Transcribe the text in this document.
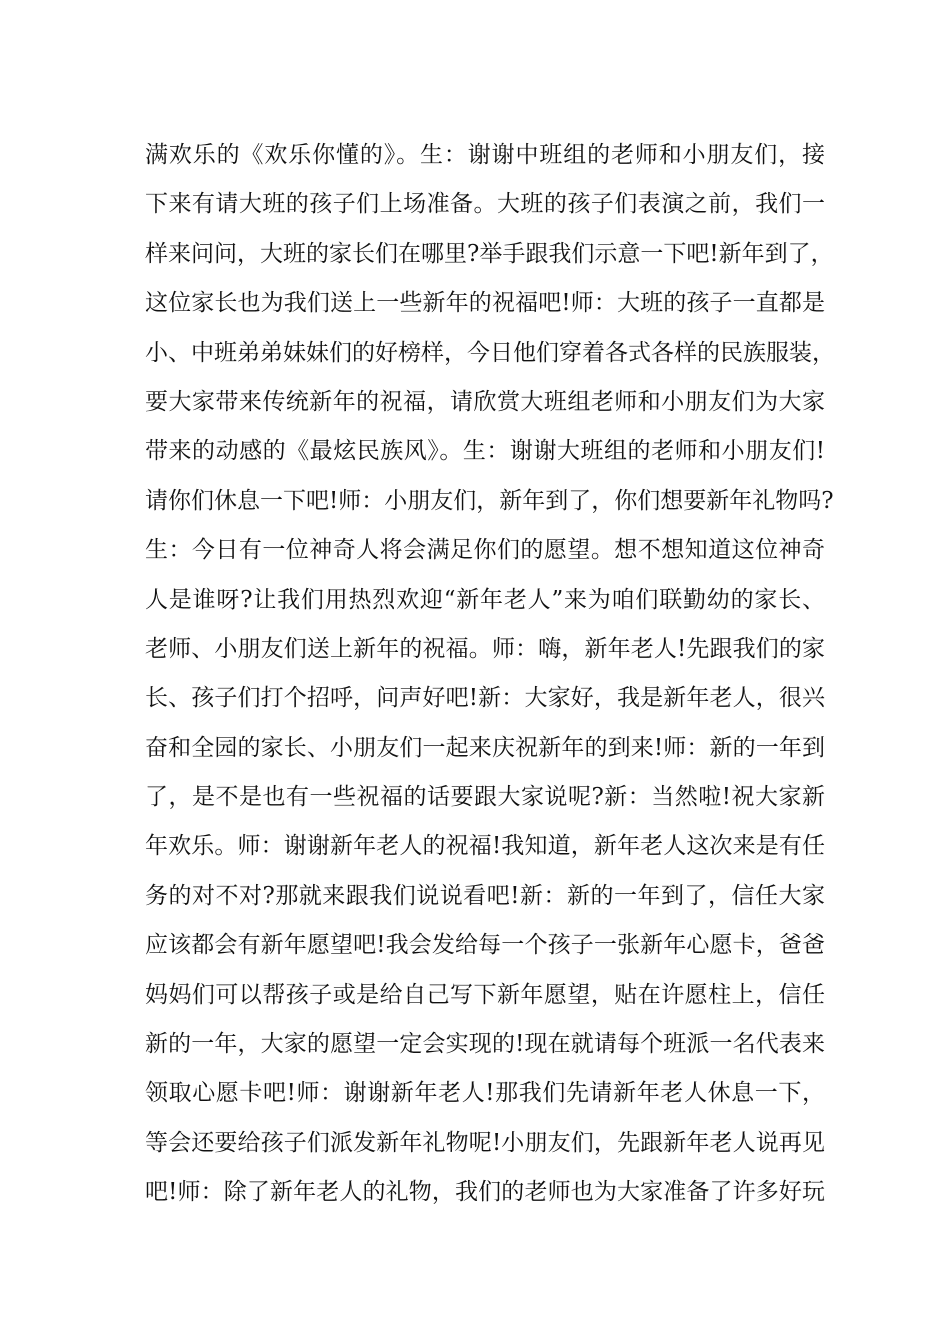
满欢乐的《欢乐你懂的》。生：谢谢中班组的老师和小朋友们，接
下来有请大班的孩子们上场准备。大班的孩子们表演之前，我们一
样来问问，大班的家长们在哪里?举手跟我们示意一下吧!新年到了，
这位家长也为我们送上一些新年的祝福吧!师：大班的孩子一直都是
小、中班弟弟妹妹们的好榜样，今日他们穿着各式各样的民族服装，
要大家带来传统新年的祝福，请欣赏大班组老师和小朋友们为大家
带来的动感的《最炫民族风》。生：谢谢大班组的老师和小朋友们!
请你们休息一下吧!师：小朋友们，新年到了，你们想要新年礼物吗?
生：今日有一位神奇人将会满足你们的愿望。想不想知道这位神奇
人是谁呀?让我们用热烈欢迎“新年老人”来为咱们联勤幼的家长、
老师、小朋友们送上新年的祝福。师：嗨，新年老人!先跟我们的家
长、孩子们打个招呼，问声好吧!新：大家好，我是新年老人，很兴
奋和全园的家长、小朋友们一起来庆祝新年的到来!师：新的一年到
了，是不是也有一些祝福的话要跟大家说呢?新：当然啦!祝大家新
年欢乐。师：谢谢新年老人的祝福!我知道，新年老人这次来是有任
务的对不对?那就来跟我们说说看吧!新：新的一年到了，信任大家
应该都会有新年愿望吧!我会发给每一个孩子一张新年心愿卡，爸爸
妈妈们可以帮孩子或是给自己写下新年愿望，贴在许愿柱上，信任
新的一年，大家的愿望一定会实现的!现在就请每个班派一名代表来
领取心愿卡吧!师：谢谢新年老人!那我们先请新年老人休息一下，
等会还要给孩子们派发新年礼物呢!小朋友们，先跟新年老人说再见
吧!师：除了新年老人的礼物，我们的老师也为大家准备了许多好玩
